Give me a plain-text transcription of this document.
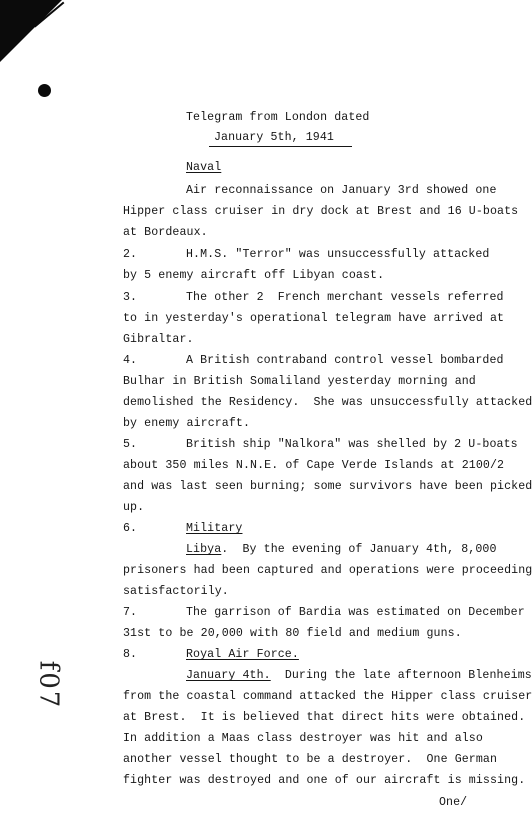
Telegram from London dated
January 5th, 1941
Naval
Air reconnaissance on January 3rd showed one
Hipper class cruiser in dry dock at Brest and 16 U-boats
at Bordeaux.
2.	H.M.S. "Terror" was unsuccessfully attacked
by 5 enemy aircraft off Libyan coast.
3.	The other 2  French merchant vessels referred
to in yesterday's operational telegram have arrived at
Gibraltar.
4.	A British contraband control vessel bombarded
Bulhar in British Somaliland yesterday morning and
demolished the Residency.  She was unsuccessfully attacked
by enemy aircraft.
5.	British ship "Nalkora" was shelled by 2 U-boats
about 350 miles N.N.E. of Cape Verde Islands at 2100/2
and was last seen burning; some survivors have been picked
up.
6.	Military
Libya.  By the evening of January 4th, 8,000
prisoners had been captured and operations were proceeding
satisfactorily.
7.	The garrison of Bardia was estimated on December
31st to be 20,000 with 80 field and medium guns.
8.	Royal Air Force.
January 4th.  During the late afternoon Blenheims
from the coastal command attacked the Hipper class cruiser
at Brest.  It is believed that direct hits were obtained.
In addition a Maas class destroyer was hit and also
another vessel thought to be a destroyer.  One German
fighter was destroyed and one of our aircraft is missing.
One/
f07
